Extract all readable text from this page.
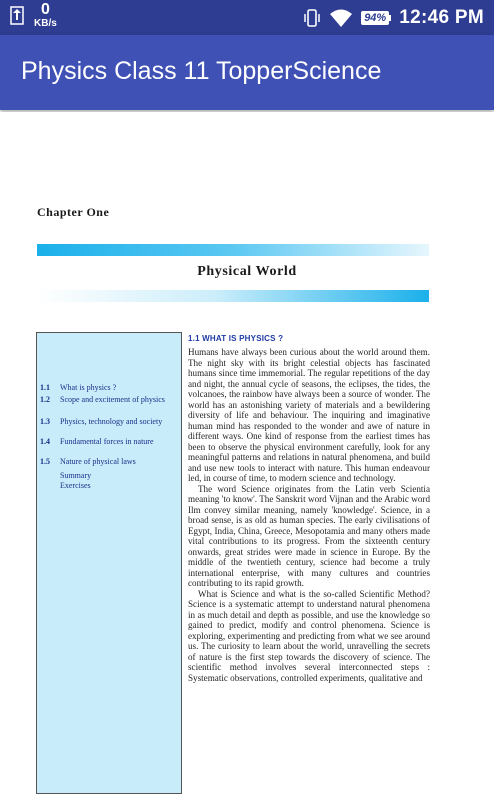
0
KB/s	94% 12:46 PM
Physics Class 11 TopperScience
Chapter One
Physical World
1.1 What is physics ?
1.2 Scope and excitement of physics
1.3 Physics, technology and society
1.4 Fundamental forces in nature
1.5 Nature of physical laws
Summary
Exercises
1.1 WHAT IS PHYSICS ?

Humans have always been curious about the world around them. The night sky with its bright celestial objects has fascinated humans since time immemorial. The regular repetitions of the day and night, the annual cycle of seasons, the eclipses, the tides, the volcanoes, the rainbow have always been a source of wonder. The world has an astonishing variety of materials and a bewildering diversity of life and behaviour. The inquiring and imaginative human mind has responded to the wonder and awe of nature in different ways. One kind of response from the earliest times has been to observe the physical environment carefully, look for any meaningful patterns and relations in natural phenomena, and build and use new tools to interact with nature. This human endeavour led, in course of time, to modern science and technology.

The word Science originates from the Latin verb Scientia meaning 'to know'. The Sanskrit word Vijnan and the Arabic word Ilm convey similar meaning, namely 'knowledge'. Science, in a broad sense, is as old as human species. The early civilisations of Egypt, India, China, Greece, Mesopotamia and many others made vital contributions to its progress. From the sixteenth century onwards, great strides were made in science in Europe. By the middle of the twentieth century, science had become a truly international enterprise, with many cultures and countries contributing to its rapid growth.

What is Science and what is the so-called Scientific Method? Science is a systematic attempt to understand natural phenomena in as much detail and depth as possible, and use the knowledge so gained to predict, modify and control phenomena. Science is exploring, experimenting and predicting from what we see around us. The curiosity to learn about the world, unravelling the secrets of nature is the first step towards the discovery of science. The scientific method involves several interconnected steps : Systematic observations, controlled experiments, qualitative and
